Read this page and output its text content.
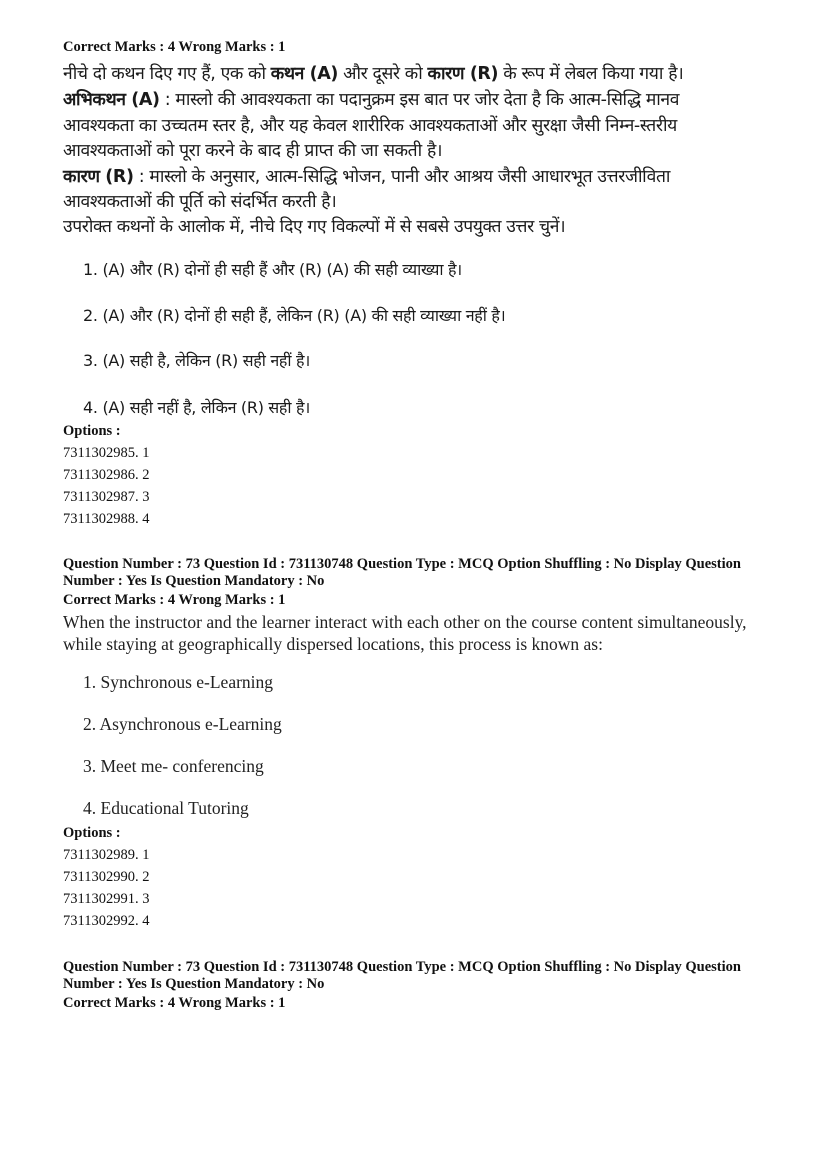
Correct Marks : 4 Wrong Marks : 1

नीचे दो कथन दिए गए हैं, एक को कथन (A) और दूसरे को कारण (R) के रूप में लेबल किया गया है।

अभिकथन (A) : मास्लो की आवश्यकता का पदानुक्रम इस बात पर जोर देता है कि आत्म-सिद्धि मानव

आवश्यकता का उच्चतम स्तर है, और यह केवल शारीरिक आवश्यकताओं और सुरक्षा जैसी निम्न-स्तरीय

आवश्यकताओं को पूरा करने के बाद ही प्राप्त की जा सकती है।

कारण (R) : मास्लो के अनुसार, आत्म-सिद्धि भोजन, पानी और आश्रय जैसी आधारभूत उत्तरजीविता

आवश्यकताओं की पूर्ति को संदर्भित करती है।

उपरोक्त कथनों के आलोक में, नीचे दिए गए विकल्पों में से सबसे उपयुक्त उत्तर चुनें।

1. (A) और (R) दोनों ही सही हैं और (R) (A) की सही व्याख्या है।

2. (A) और (R) दोनों ही सही हैं, लेकिन (R) (A) की सही व्याख्या नहीं है।

3. (A) सही है, लेकिन (R) सही नहीं है।

4. (A) सही नहीं है, लेकिन (R) सही है।

Options :

7311302985. 1

7311302986. 2

7311302987. 3

7311302988. 4

Question Number : 73 Question Id : 731130748 Question Type : MCQ Option Shuffling : No Display Question

Number : Yes Is Question Mandatory : No

Correct Marks : 4 Wrong Marks : 1

When the instructor and the learner interact with each other on the course content simultaneously,

while staying at geographically dispersed locations, this process is known as:

1. Synchronous e-Learning

2. Asynchronous e-Learning

3. Meet me- conferencing

4. Educational Tutoring

Options :

7311302989. 1

7311302990. 2

7311302991. 3

7311302992. 4

Question Number : 73 Question Id : 731130748 Question Type : MCQ Option Shuffling : No Display Question

Number : Yes Is Question Mandatory : No

Correct Marks : 4 Wrong Marks : 1
